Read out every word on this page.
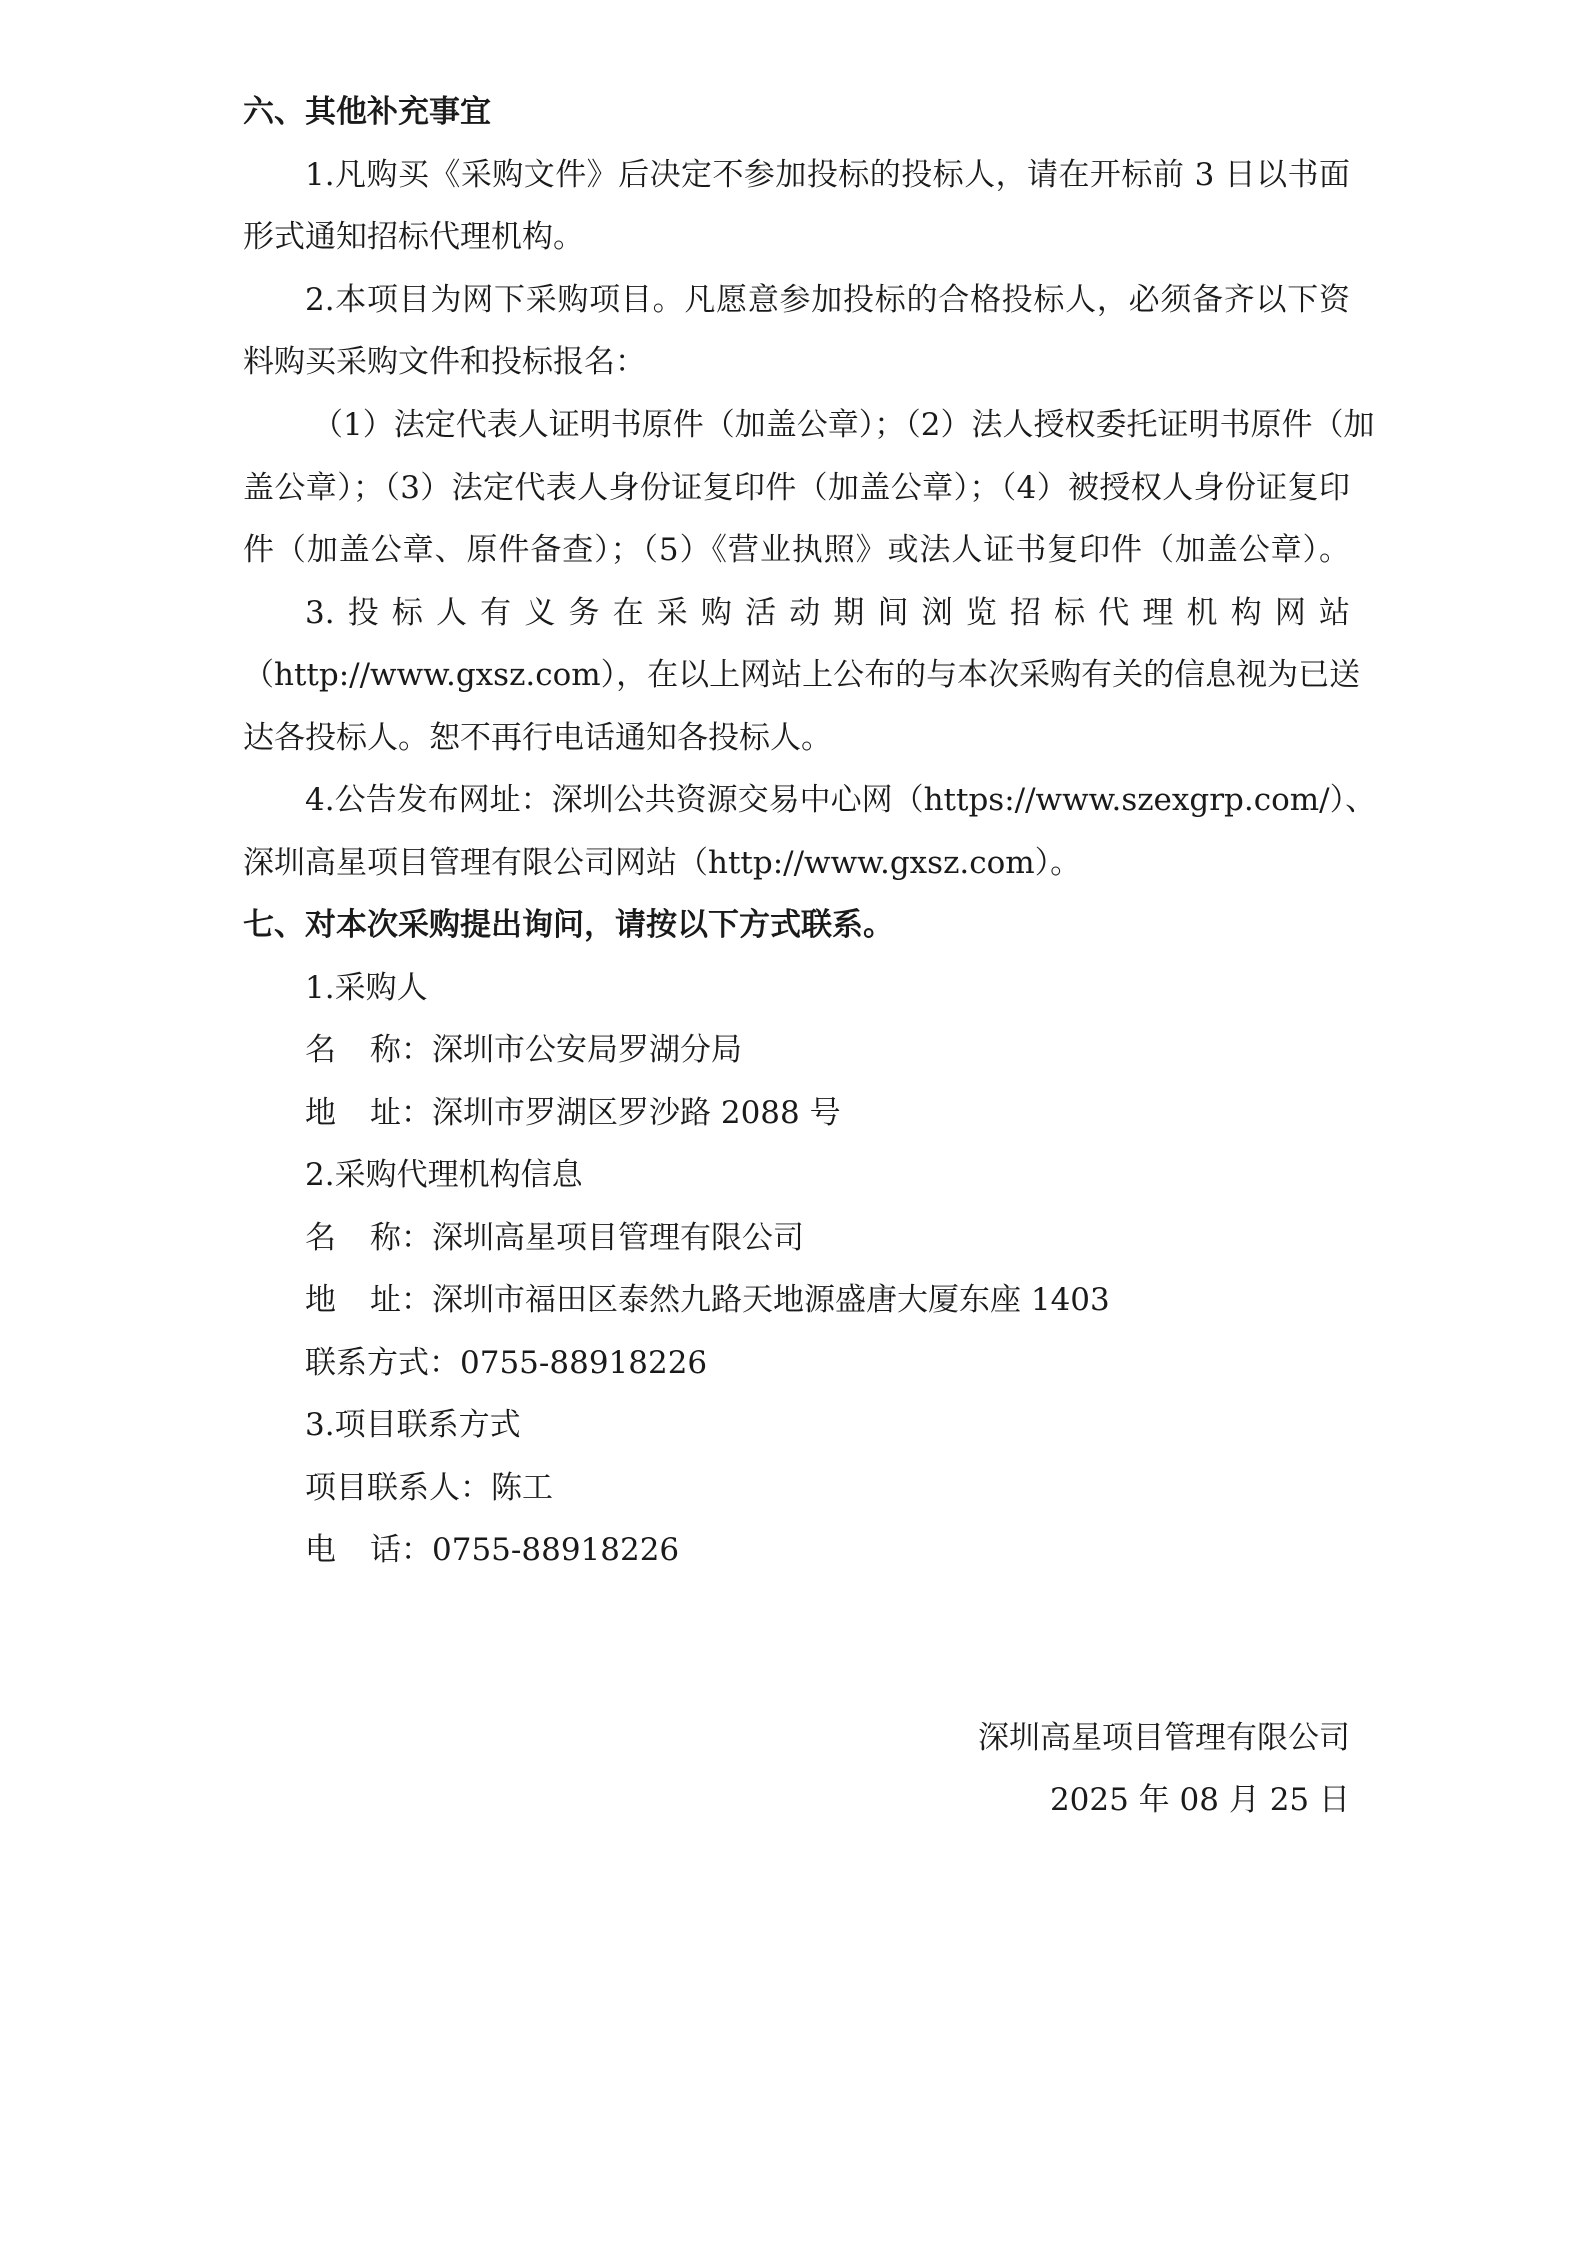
六、其他补充事宜
1.凡购买《采购文件》后决定不参加投标的投标人，请在开标前 3 日以书面
形式通知招标代理机构。
2.本项目为网下采购项目。凡愿意参加投标的合格投标人，必须备齐以下资
料购买采购文件和投标报名：
（1）法定代表人证明书原件（加盖公章）；（2）法人授权委托证明书原件（加
盖公章）；（3）法定代表人身份证复印件（加盖公章）；（4）被授权人身份证复印
件（加盖公章、原件备查）；（5）《营业执照》或法人证书复印件（加盖公章）。
3.投标人有义务在采购活动期间浏览招标代理机构网站
（http://www.gxsz.com），在以上网站上公布的与本次采购有关的信息视为已送
达各投标人。恕不再行电话通知各投标人。
4.公告发布网址：深圳公共资源交易中心网（https://www.szexgrp.com/）、
深圳高星项目管理有限公司网站（http://www.gxsz.com）。
七、对本次采购提出询问，请按以下方式联系。
1.采购人
名称：深圳市公安局罗湖分局
地址：深圳市罗湖区罗沙路 2088 号
2.采购代理机构信息
名称：深圳高星项目管理有限公司
地址：深圳市福田区泰然九路天地源盛唐大厦东座 1403
联系方式：0755-88918226
3.项目联系方式
项目联系人：陈工
电话：0755-88918226
深圳高星项目管理有限公司
2025 年 08 月 25 日
